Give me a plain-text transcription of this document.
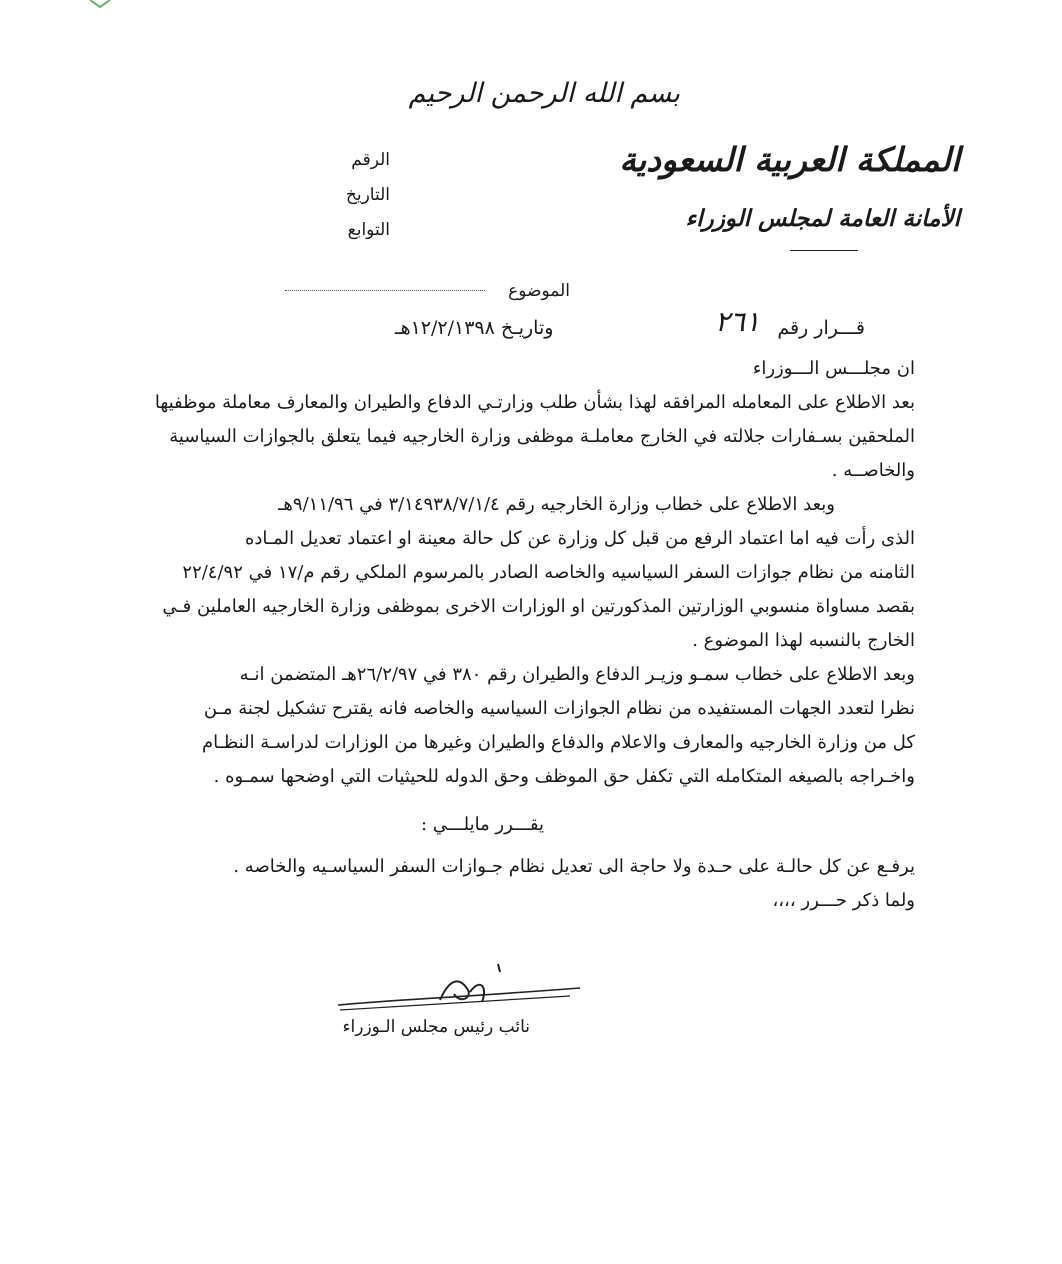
بسم الله الرحمن الرحيم
الرقم
التاريخ
التوابع
المملكة العربية السعودية
الأمانة العامة لمجلس الوزراء
الموضوع
قـــرار رقم
٢٦١
وتاريـخ ١٢/٢/١٣٩٨هـ
ان مجلـــس الـــوزراء
بعد الاطلاع على المعامله المرافقه لهذا بشأن طلب وزارتـي الدفاع والطيران والمعارف معاملة موظفيها
الملحقين بسـفارات جلالته في الخارج معاملـة موظفى وزارة الخارجيه فيما يتعلق بالجوازات السياسية
والخاصــه .
وبعد الاطلاع على خطاب وزارة الخارجيه رقم ٣/١٤٩٣٨/٧/١/٤ في ٩/١١/٩٦هـ
الذى رأت فيه اما اعتماد الرفع من قبل كل وزارة عن كل حالة معينة او اعتماد تعديل المـاده
الثامنه من نظام جوازات السفر السياسيه والخاصه الصادر بالمرسوم الملكي رقم م/١٧ في ٢٢/٤/٩٢
بقصد مساواة منسوبي الوزارتين المذكورتين او الوزارات الاخرى بموظفى وزارة الخارجيه العاملين فـي
الخارج بالنسبه لهذا الموضوع .
وبعد الاطلاع على خطاب سمـو وزيـر الدفاع والطيران رقم ٣٨٠ في ٢٦/٢/٩٧هـ المتضمن انـه
نظرا لتعدد الجهات المستفيده من نظام الجوازات السياسيه والخاصه فانه يقترح تشكيل لجنة مـن
كل من وزارة الخارجيه والمعارف والاعلام والدفاع والطيران وغيرها من الوزارات لدراسـة النظـام
واخـراجه بالصيغه المتكامله التي تكفل حق الموظف وحق الدوله للحيثيات التي اوضحها سمـوه .
يقـــرر مايلـــي :
يرفـع عن كل حالـة على حـدة ولا حاجة الى تعديل نظام جـوازات السفر السياسـيه والخاصه .
ولما ذكر حـــرر ،،،،
نائب رئيس مجلس الـوزراء
